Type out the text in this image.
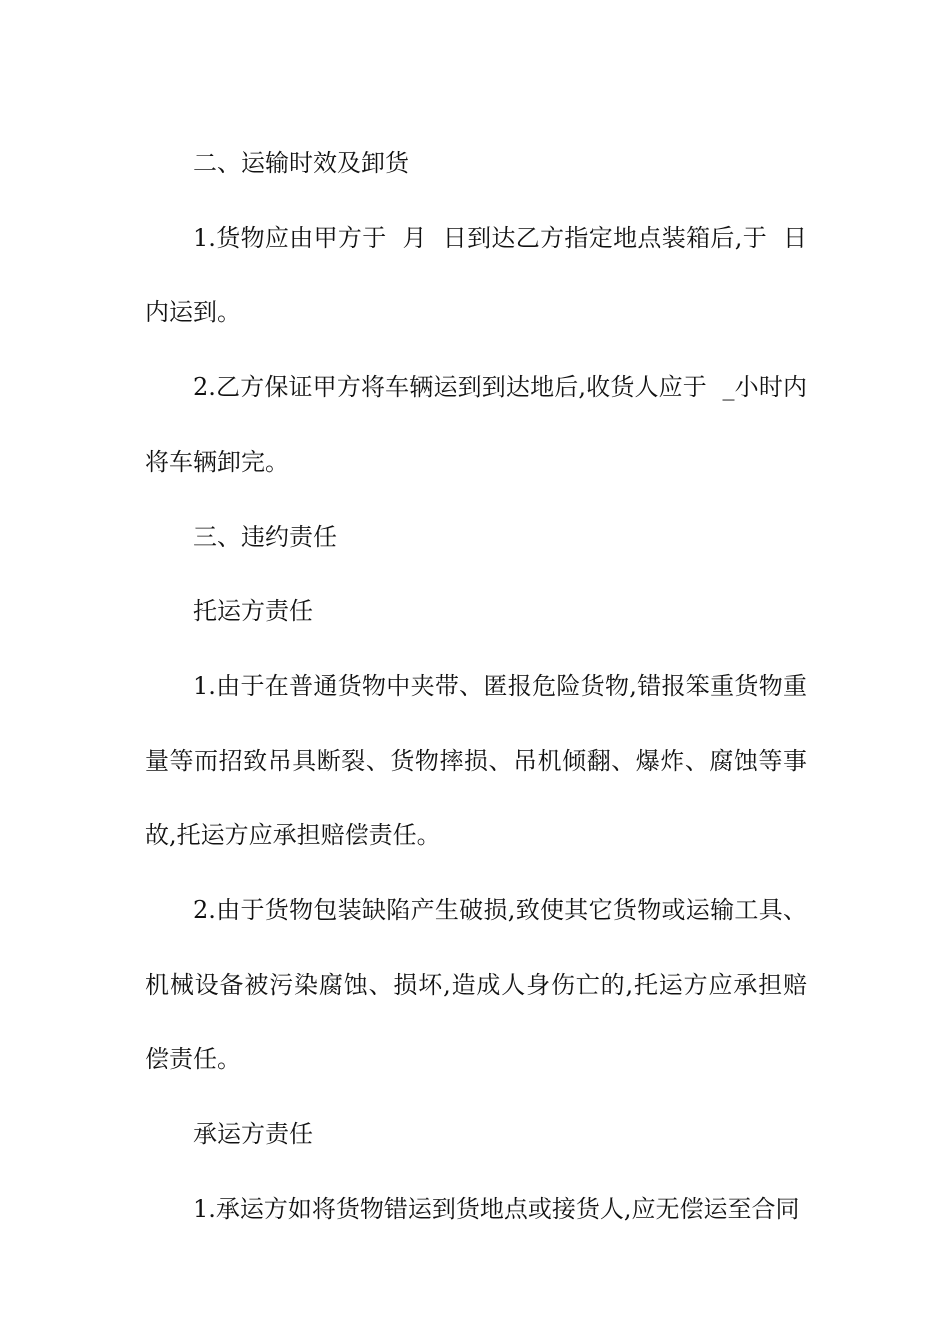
二、运输时效及卸货

1.货物应由甲方于  月  日到达乙方指定地点装箱后,于  日内运到。

2.乙方保证甲方将车辆运到到达地后,收货人应于  _小时内将车辆卸完。

三、违约责任

托运方责任

1.由于在普通货物中夹带、匿报危险货物,错报笨重货物重量等而招致吊具断裂、货物摔损、吊机倾翻、爆炸、腐蚀等事故,托运方应承担赔偿责任。

2.由于货物包装缺陷产生破损,致使其它货物或运输工具、机械设备被污染腐蚀、损坏,造成人身伤亡的,托运方应承担赔偿责任。

承运方责任

1.承运方如将货物错运到货地点或接货人,应无偿运至合同
